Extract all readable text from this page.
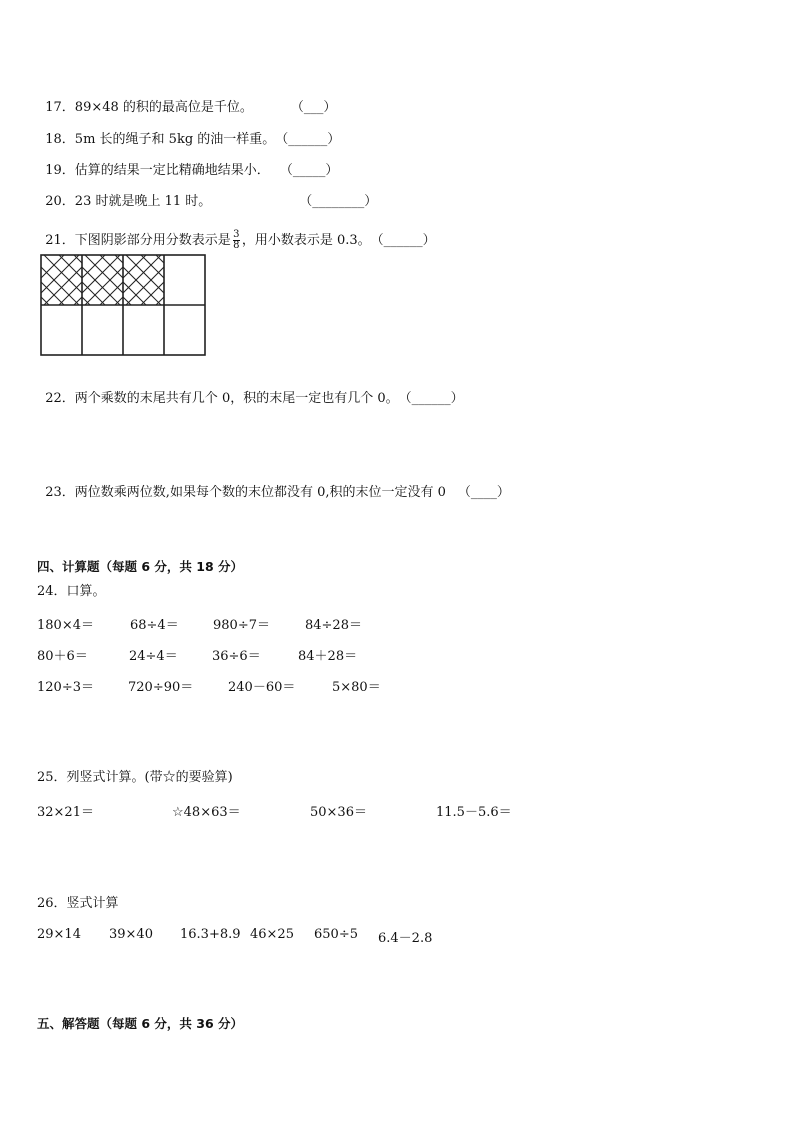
17．89×48 的积的最高位是千位。	（___）

18．5m 长的绳子和 5kg 的油一样重。（______）

19．估算的结果一定比精确地结果小． （_____）

20．23 时就是晚上 11 时。	（________）

21．下图阴影部分用分数表示是 $\frac{3}{8}$ ，用小数表示是 0.3。（______）

22．两个乘数的末尾共有几个 0，积的末尾一定也有几个 0。（______）

23．两位数乘两位数,如果每个数的末位都没有 0,积的末位一定没有 0 （____）

四、计算题（每题 6 分，共 18 分）
24．口算。
180×4＝	68÷4＝	980÷7＝	84÷28＝
80＋6＝	24÷4＝	36÷6＝	84＋28＝
120÷3＝	720÷90＝	240－60＝	5×80＝
25．列竖式计算。(带☆的要验算)
32×21＝	☆48×63＝	50×36＝	11.5－5.6＝
26．竖式计算
29×14 39×40 16.3+8.9 46×25 650÷5 6.4－2.8
五、解答题（每题 6 分，共 36 分）
